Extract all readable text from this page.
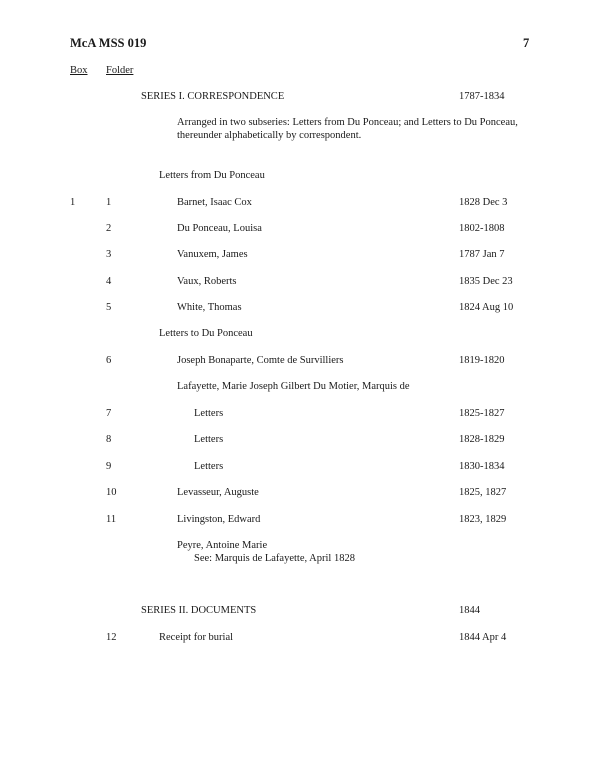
McA MSS 019	7
Box Folder
SERIES I. CORRESPONDENCE	1787-1834
Arranged in two subseries: Letters from Du Ponceau; and Letters to Du Ponceau,
thereunder alphabetically by correspondent.
Letters from Du Ponceau
1	1	Barnet, Isaac Cox	1828 Dec 3
2	Du Ponceau, Louisa	1802-1808
3	Vanuxem, James	1787 Jan 7
4	Vaux, Roberts	1835 Dec 23
5	White, Thomas	1824 Aug 10
Letters to Du Ponceau
6	Joseph Bonaparte, Comte de Survilliers	1819-1820
Lafayette, Marie Joseph Gilbert Du Motier, Marquis de
7	Letters	1825-1827
8	Letters	1828-1829
9	Letters	1830-1834
10	Levasseur, Auguste	1825, 1827
11	Livingston, Edward	1823, 1829
Peyre, Antoine Marie
See: Marquis de Lafayette, April 1828
SERIES II. DOCUMENTS	1844
12	Receipt for burial	1844 Apr 4
